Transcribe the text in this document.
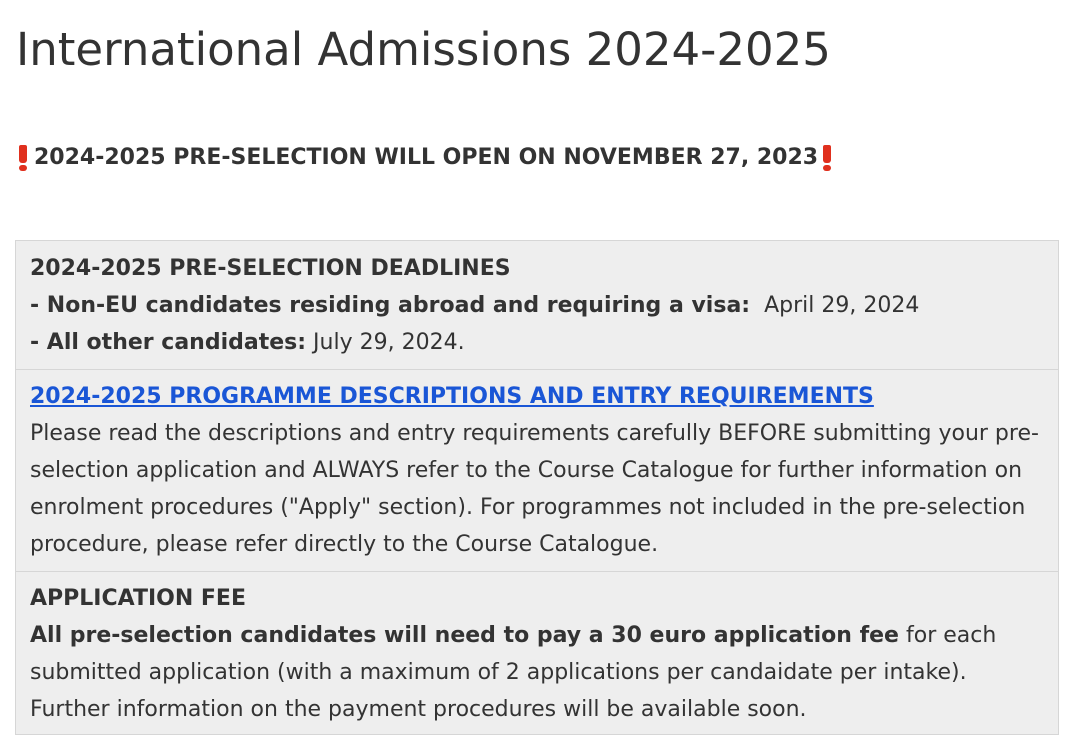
International Admissions 2024-2025

2024-2025 PRE-SELECTION WILL OPEN ON NOVEMBER 27, 2023

2024-2025 PRE-SELECTION DEADLINES
- Non-EU candidates residing abroad and requiring a visa: April 29, 2024
- All other candidates: July 29, 2024.
2024-2025 PROGRAMME DESCRIPTIONS AND ENTRY REQUIREMENTS
Please read the descriptions and entry requirements carefully BEFORE submitting your pre-selection application and ALWAYS refer to the Course Catalogue for further information on enrolment procedures ("Apply" section). For programmes not included in the pre-selection procedure, please refer directly to the Course Catalogue.
APPLICATION FEE
All pre-selection candidates will need to pay a 30 euro application fee for each submitted application (with a maximum of 2 applications per candaidate per intake). Further information on the payment procedures will be available soon.
